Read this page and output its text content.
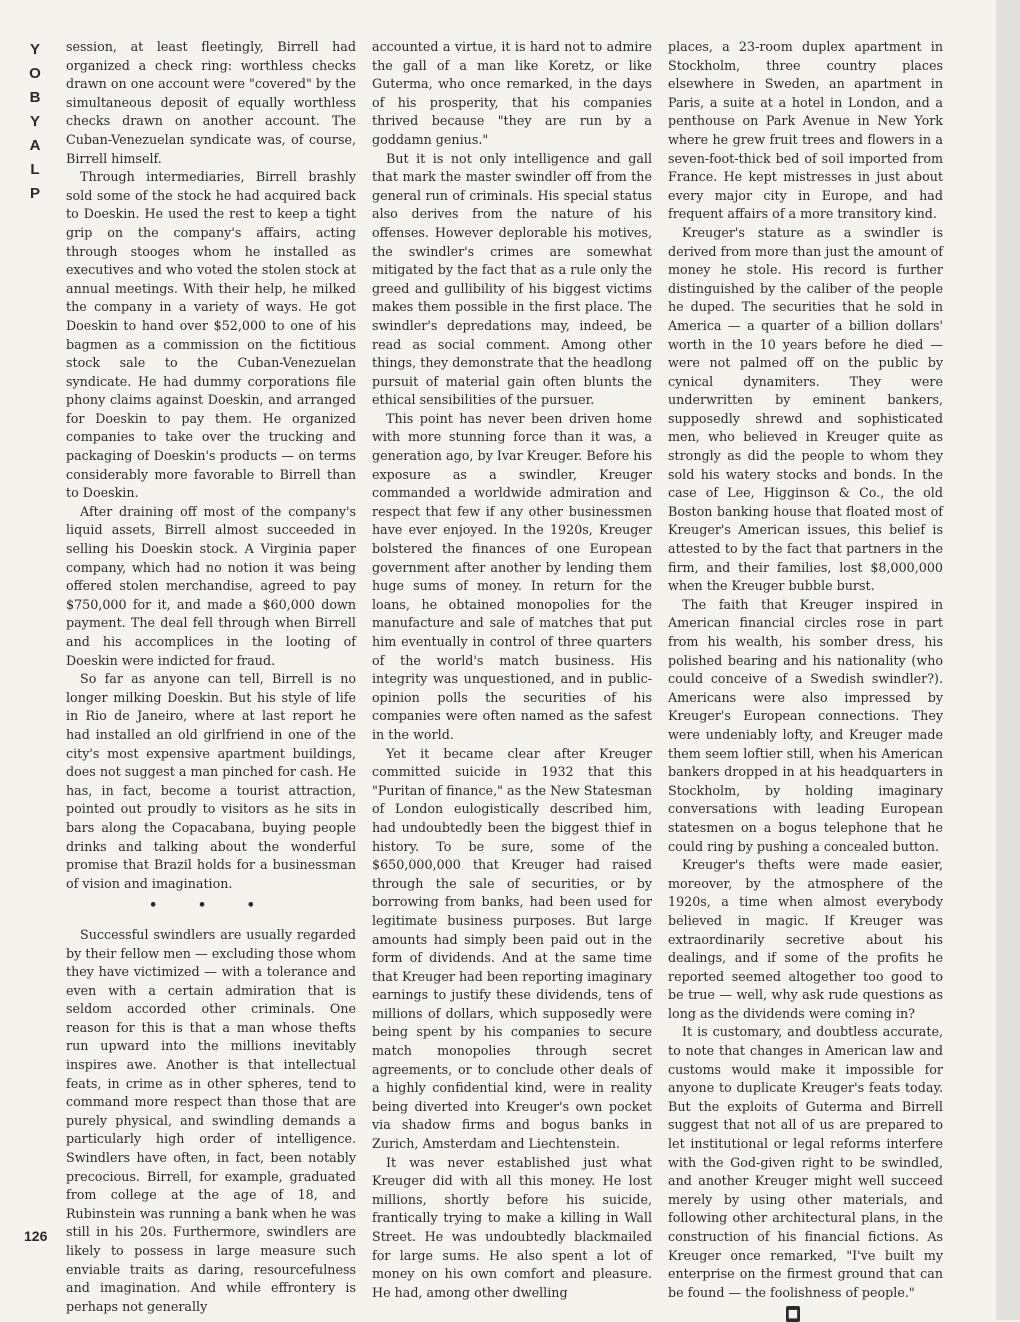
Y
O
B
Y
A
L
P
126

session, at least fleetingly, Birrell had organized a check ring: worthless checks drawn on one account were "covered" by the simultaneous deposit of equally worthless checks drawn on another account. The Cuban-Venezuelan syndicate was, of course, Birrell himself.

Through intermediaries, Birrell brashly sold some of the stock he had acquired back to Doeskin. He used the rest to keep a tight grip on the company's affairs, acting through stooges whom he installed as executives and who voted the stolen stock at annual meetings. With their help, he milked the company in a variety of ways. He got Doeskin to hand over $52,000 to one of his bagmen as a commission on the fictitious stock sale to the Cuban-Venezuelan syndicate. He had dummy corporations file phony claims against Doeskin, and arranged for Doeskin to pay them. He organized companies to take over the trucking and packaging of Doeskin's products — on terms considerably more favorable to Birrell than to Doeskin.

After draining off most of the company's liquid assets, Birrell almost succeeded in selling his Doeskin stock. A Virginia paper company, which had no notion it was being offered stolen merchandise, agreed to pay $750,000 for it, and made a $60,000 down payment. The deal fell through when Birrell and his accomplices in the looting of Doeskin were indicted for fraud.

So far as anyone can tell, Birrell is no longer milking Doeskin. But his style of life in Rio de Janeiro, where at last report he had installed an old girlfriend in one of the city's most expensive apartment buildings, does not suggest a man pinched for cash. He has, in fact, become a tourist attraction, pointed out proudly to visitors as he sits in bars along the Copacabana, buying people drinks and talking about the wonderful promise that Brazil holds for a businessman of vision and imagination.

• • •

Successful swindlers are usually regarded by their fellow men — excluding those whom they have victimized — with a tolerance and even with a certain admiration that is seldom accorded other criminals. One reason for this is that a man whose thefts run upward into the millions inevitably inspires awe. Another is that intellectual feats, in crime as in other spheres, tend to command more respect than those that are purely physical, and swindling demands a particularly high order of intelligence. Swindlers have often, in fact, been notably precocious. Birrell, for example, graduated from college at the age of 18, and Rubinstein was running a bank when he was still in his 20s. Furthermore, swindlers are likely to possess in large measure such enviable traits as daring, resourcefulness and imagination. And while effrontery is perhaps not generally

accounted a virtue, it is hard not to admire the gall of a man like Koretz, or like Guterma, who once remarked, in the days of his prosperity, that his companies thrived because "they are run by a goddamn genius."

But it is not only intelligence and gall that mark the master swindler off from the general run of criminals. His special status also derives from the nature of his offenses. However deplorable his motives, the swindler's crimes are somewhat mitigated by the fact that as a rule only the greed and gullibility of his biggest victims makes them possible in the first place. The swindler's depredations may, indeed, be read as social comment. Among other things, they demonstrate that the headlong pursuit of material gain often blunts the ethical sensibilities of the pursuer.

This point has never been driven home with more stunning force than it was, a generation ago, by Ivar Kreuger. Before his exposure as a swindler, Kreuger commanded a worldwide admiration and respect that few if any other businessmen have ever enjoyed. In the 1920s, Kreuger bolstered the finances of one European government after another by lending them huge sums of money. In return for the loans, he obtained monopolies for the manufacture and sale of matches that put him eventually in control of three quarters of the world's match business. His integrity was unquestioned, and in public-opinion polls the securities of his companies were often named as the safest in the world.

Yet it became clear after Kreuger committed suicide in 1932 that this "Puritan of finance," as the New Statesman of London eulogistically described him, had undoubtedly been the biggest thief in history. To be sure, some of the $650,000,000 that Kreuger had raised through the sale of securities, or by borrowing from banks, had been used for legitimate business purposes. But large amounts had simply been paid out in the form of dividends. And at the same time that Kreuger had been reporting imaginary earnings to justify these dividends, tens of millions of dollars, which supposedly were being spent by his companies to secure match monopolies through secret agreements, or to conclude other deals of a highly confidential kind, were in reality being diverted into Kreuger's own pocket via shadow firms and bogus banks in Zurich, Amsterdam and Liechtenstein.

It was never established just what Kreuger did with all this money. He lost millions, shortly before his suicide, frantically trying to make a killing in Wall Street. He was undoubtedly blackmailed for large sums. He also spent a lot of money on his own comfort and pleasure. He had, among other dwelling

places, a 23-room duplex apartment in Stockholm, three country places elsewhere in Sweden, an apartment in Paris, a suite at a hotel in London, and a penthouse on Park Avenue in New York where he grew fruit trees and flowers in a seven-foot-thick bed of soil imported from France. He kept mistresses in just about every major city in Europe, and had frequent affairs of a more transitory kind.

Kreuger's stature as a swindler is derived from more than just the amount of money he stole. His record is further distinguished by the caliber of the people he duped. The securities that he sold in America — a quarter of a billion dollars' worth in the 10 years before he died — were not palmed off on the public by cynical dynamiters. They were underwritten by eminent bankers, supposedly shrewd and sophisticated men, who believed in Kreuger quite as strongly as did the people to whom they sold his watery stocks and bonds. In the case of Lee, Higginson & Co., the old Boston banking house that floated most of Kreuger's American issues, this belief is attested to by the fact that partners in the firm, and their families, lost $8,000,000 when the Kreuger bubble burst.

The faith that Kreuger inspired in American financial circles rose in part from his wealth, his somber dress, his polished bearing and his nationality (who could conceive of a Swedish swindler?). Americans were also impressed by Kreuger's European connections. They were undeniably lofty, and Kreuger made them seem loftier still, when his American bankers dropped in at his headquarters in Stockholm, by holding imaginary conversations with leading European statesmen on a bogus telephone that he could ring by pushing a concealed button.

Kreuger's thefts were made easier, moreover, by the atmosphere of the 1920s, a time when almost everybody believed in magic. If Kreuger was extraordinarily secretive about his dealings, and if some of the profits he reported seemed altogether too good to be true — well, why ask rude questions as long as the dividends were coming in?

It is customary, and doubtless accurate, to note that changes in American law and customs would make it impossible for anyone to duplicate Kreuger's feats today. But the exploits of Guterma and Birrell suggest that not all of us are prepared to let institutional or legal reforms interfere with the God-given right to be swindled, and another Kreuger might well succeed merely by using other materials, and following other architectural plans, in the construction of his financial fictions. As Kreuger once remarked, "I've built my enterprise on the firmest ground that can be found — the foolishness of people."

■
